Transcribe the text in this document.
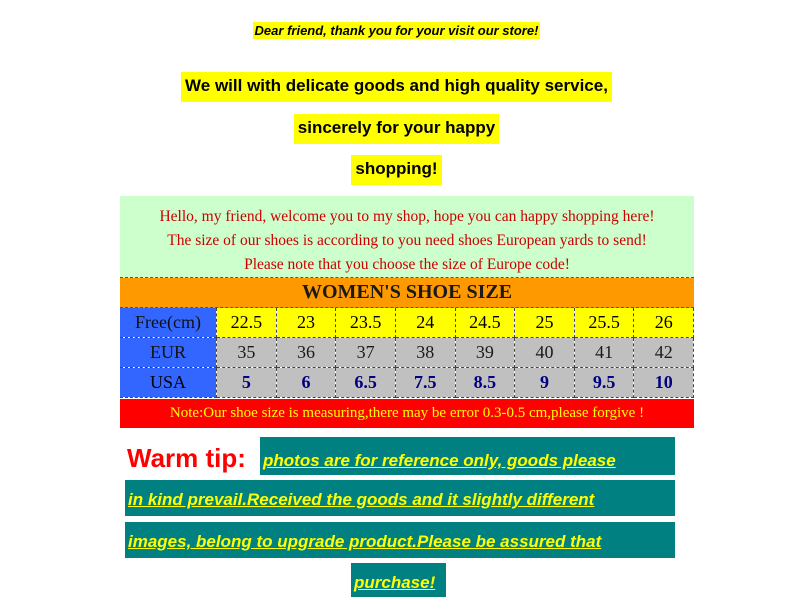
Dear friend, thank you for your visit our store!
We will with delicate goods and high quality service,
sincerely for your happy
shopping!
Hello, my friend, welcome you to my shop, hope you can happy shopping here!
The size of our shoes is according to you need shoes European yards to send!
Please note that you choose the size of Europe code!
WOMEN'S SHOE SIZE
Free(cm)	22.5	23	23.5	24	24.5	25	25.5	26
EUR	35	36	37	38	39	40	41	42
USA	5	6	6.5	7.5	8.5	9	9.5	10
Note:Our shoe size is measuring,there may be error 0.3-0.5 cm,please forgive !
Warm tip: photos are for reference only, goods please
in kind prevail.Received the goods and it slightly different
images, belong to upgrade product.Please be assured that
purchase!
